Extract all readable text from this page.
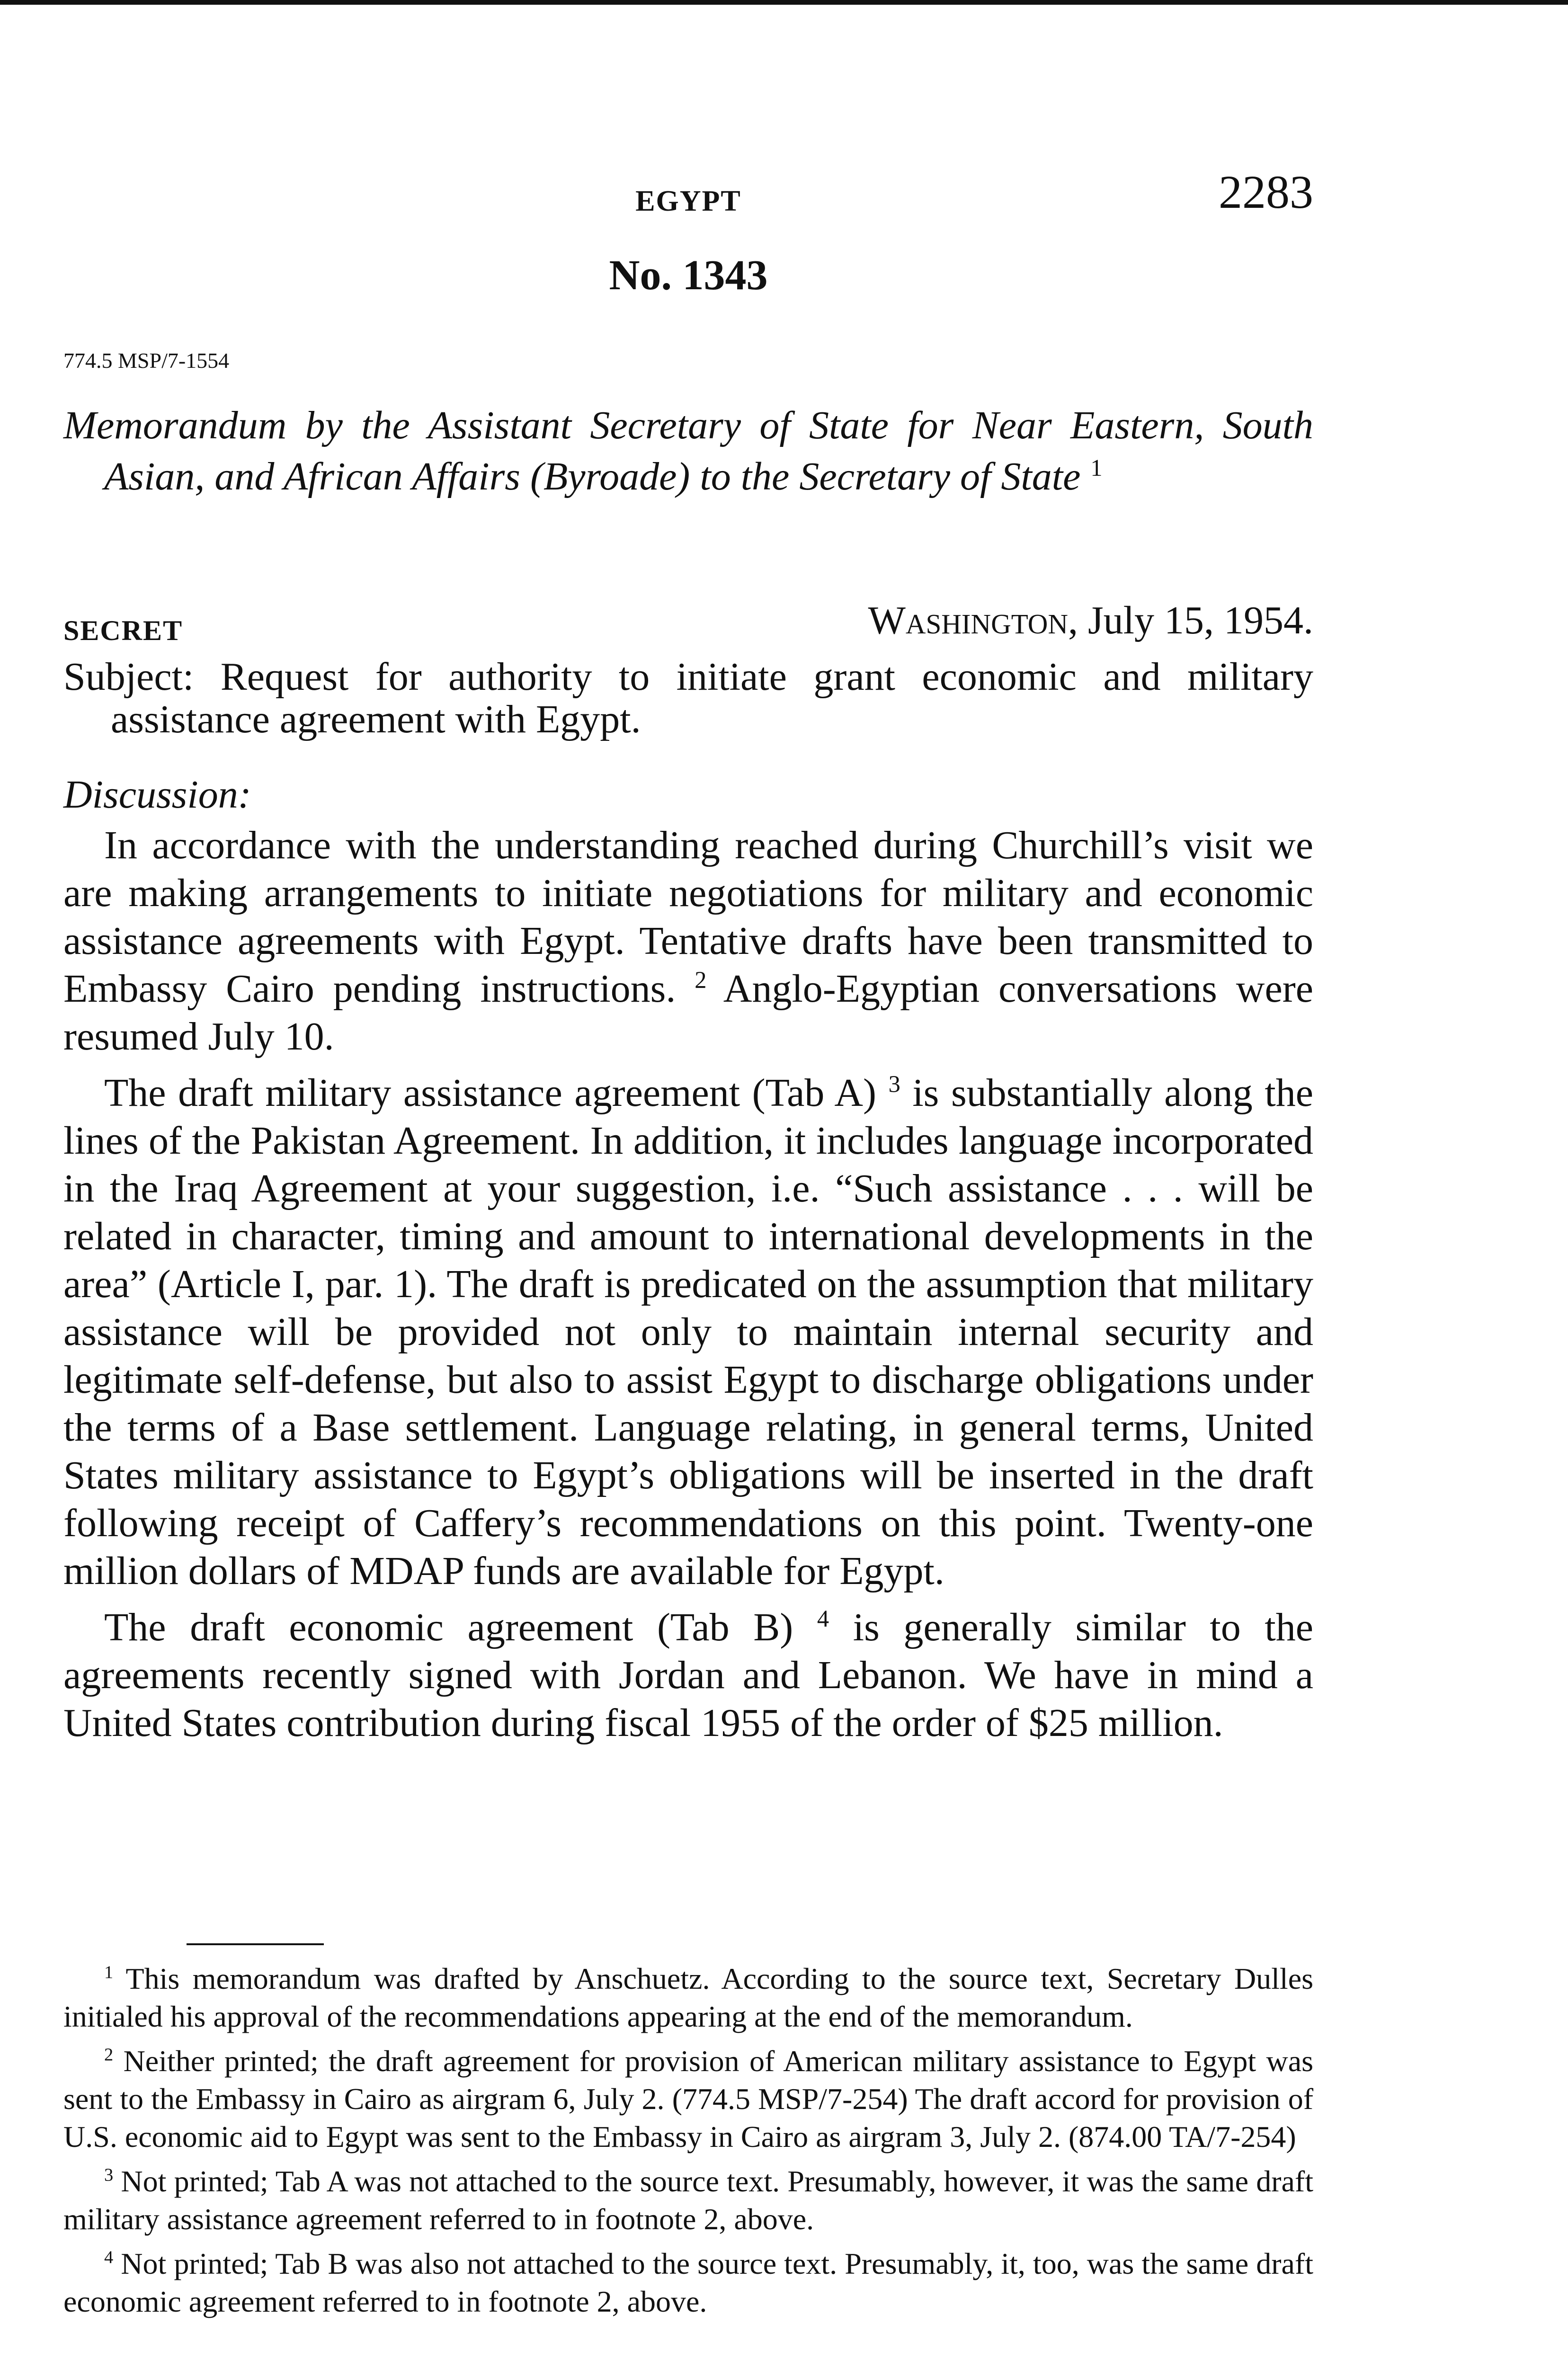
EGYPT	2283
No. 1343
774.5 MSP/7-1554
Memorandum by the Assistant Secretary of State for Near Eastern, South Asian, and African Affairs (Byroade) to the Secretary of State $^1$
SECRET	Washington, July 15, 1954.
Subject: Request for authority to initiate grant economic and military assistance agreement with Egypt.
Discussion:

In accordance with the understanding reached during Churchill’s visit we are making arrangements to initiate negotiations for military and economic assistance agreements with Egypt. Tentative drafts have been transmitted to Embassy Cairo pending instructions. $^2$ Anglo-Egyptian conversations were resumed July 10.

The draft military assistance agreement (Tab A) $^3$ is substantially along the lines of the Pakistan Agreement. In addition, it includes language incorporated in the Iraq Agreement at your suggestion, i.e. “Such assistance . . . will be related in character, timing and amount to international developments in the area” (Article I, par. 1). The draft is predicated on the assumption that military assistance will be provided not only to maintain internal security and legitimate self-defense, but also to assist Egypt to discharge obligations under the terms of a Base settlement. Language relating, in general terms, United States military assistance to Egypt’s obligations will be inserted in the draft following receipt of Caffery’s recommendations on this point. Twenty-one million dollars of MDAP funds are available for Egypt.

The draft economic agreement (Tab B) $^4$ is generally similar to the agreements recently signed with Jordan and Lebanon. We have in mind a United States contribution during fiscal 1955 of the order of $25 million.

$^1$ This memorandum was drafted by Anschuetz. According to the source text, Secretary Dulles initialed his approval of the recommendations appearing at the end of the memorandum.

$^2$ Neither printed; the draft agreement for provision of American military assistance to Egypt was sent to the Embassy in Cairo as airgram 6, July 2. (774.5 MSP/7-254) The draft accord for provision of U.S. economic aid to Egypt was sent to the Embassy in Cairo as airgram 3, July 2. (874.00 TA/7-254)

$^3$ Not printed; Tab A was not attached to the source text. Presumably, however, it was the same draft military assistance agreement referred to in footnote 2, above.

$^4$ Not printed; Tab B was also not attached to the source text. Presumably, it, too, was the same draft economic agreement referred to in footnote 2, above.
